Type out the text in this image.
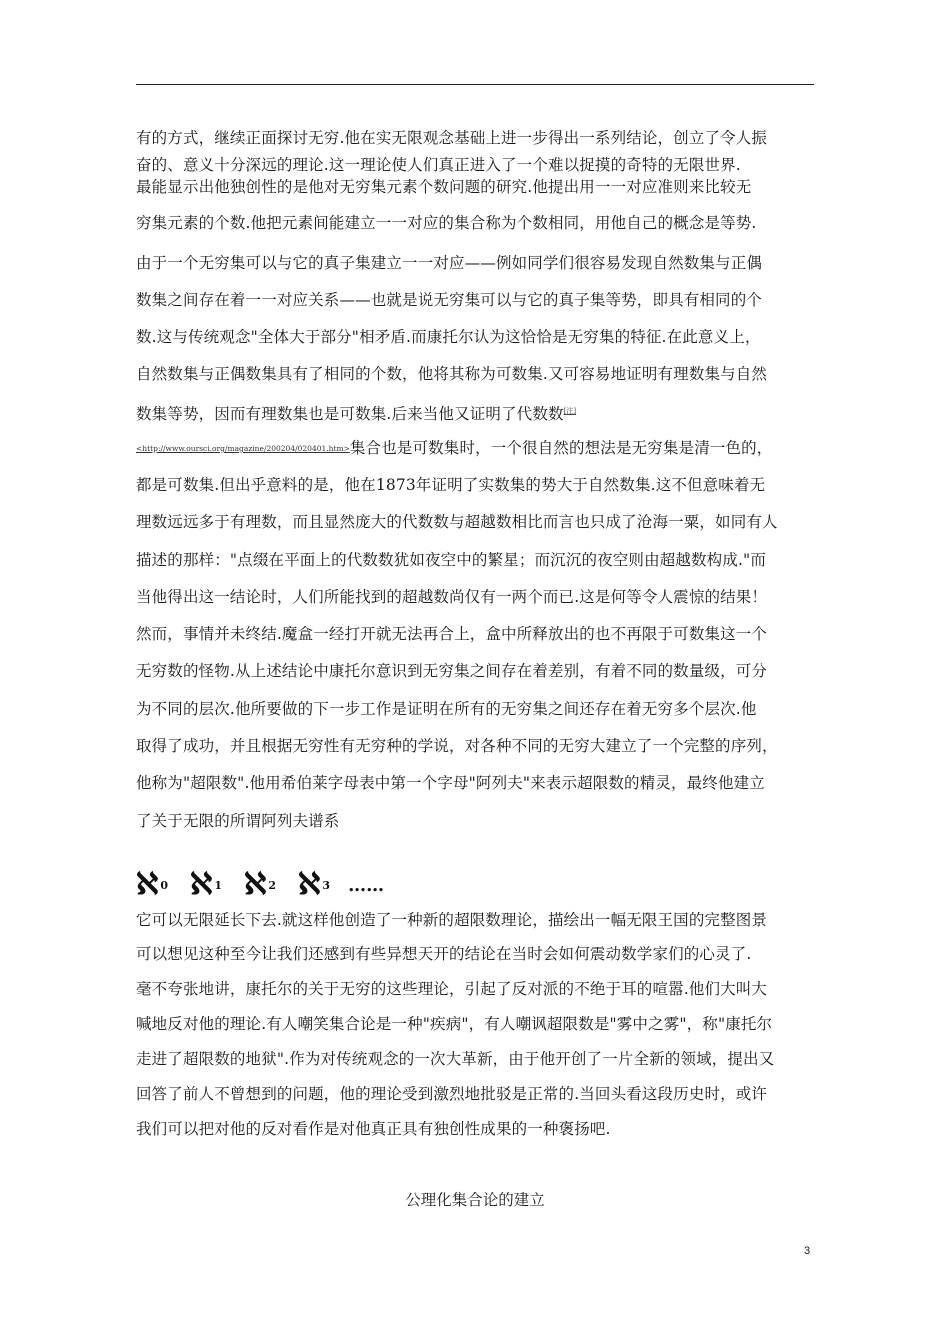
有的方式，继续正面探讨无穷.他在实无限观念基础上进一步得出一系列结论，创立了令人振
奋的、意义十分深远的理论.这一理论使人们真正进入了一个难以捉摸的奇特的无限世界.
最能显示出他独创性的是他对无穷集元素个数问题的研究.他提出用一一对应准则来比较无
穷集元素的个数.他把元素间能建立一一对应的集合称为个数相同，用他自己的概念是等势.
由于一个无穷集可以与它的真子集建立一一对应——例如同学们很容易发现自然数集与正偶
数集之间存在着一一对应关系——也就是说无穷集可以与它的真子集等势，即具有相同的个
数.这与传统观念"全体大于部分"相矛盾.而康托尔认为这恰恰是无穷集的特征.在此意义上，
自然数集与正偶数集具有了相同的个数，他将其称为可数集.又可容易地证明有理数集与自然
数集等势，因而有理数集也是可数集.后来当他又证明了代数数[注]
<http://www.oursci.org/magazine/200204/020401.htm>集合也是可数集时，一个很自然的想法是无穷集是清一色的，
都是可数集.但出乎意料的是，他在1873年证明了实数集的势大于自然数集.这不但意味着无
理数远远多于有理数，而且显然庞大的代数数与超越数相比而言也只成了沧海一粟，如同有人
描述的那样："点缀在平面上的代数数犹如夜空中的繁星；而沉沉的夜空则由超越数构成."而
当他得出这一结论时，人们所能找到的超越数尚仅有一两个而已.这是何等令人震惊的结果！
然而，事情并未终结.魔盒一经打开就无法再合上，盒中所释放出的也不再限于可数集这一个
无穷数的怪物.从上述结论中康托尔意识到无穷集之间存在着差别，有着不同的数量级，可分
为不同的层次.他所要做的下一步工作是证明在所有的无穷集之间还存在着无穷多个层次.他
取得了成功，并且根据无穷性有无穷种的学说，对各种不同的无穷大建立了一个完整的序列，
他称为"超限数".他用希伯莱字母表中第一个字母"阿列夫"来表示超限数的精灵，最终他建立
了关于无限的所谓阿列夫谱系
ℵ 0 ℵ 1 ℵ 2 ℵ 3 ……
它可以无限延长下去.就这样他创造了一种新的超限数理论，描绘出一幅无限王国的完整图景
可以想见这种至今让我们还感到有些异想天开的结论在当时会如何震动数学家们的心灵了.
毫不夸张地讲，康托尔的关于无穷的这些理论，引起了反对派的不绝于耳的喧嚣.他们大叫大
喊地反对他的理论.有人嘲笑集合论是一种"疾病"，有人嘲讽超限数是"雾中之雾"，称"康托尔
走进了超限数的地狱".作为对传统观念的一次大革新，由于他开创了一片全新的领域，提出又
回答了前人不曾想到的问题，他的理论受到激烈地批驳是正常的.当回头看这段历史时，或许
我们可以把对他的反对看作是对他真正具有独创性成果的一种褒扬吧.
公理化集合论的建立
3
